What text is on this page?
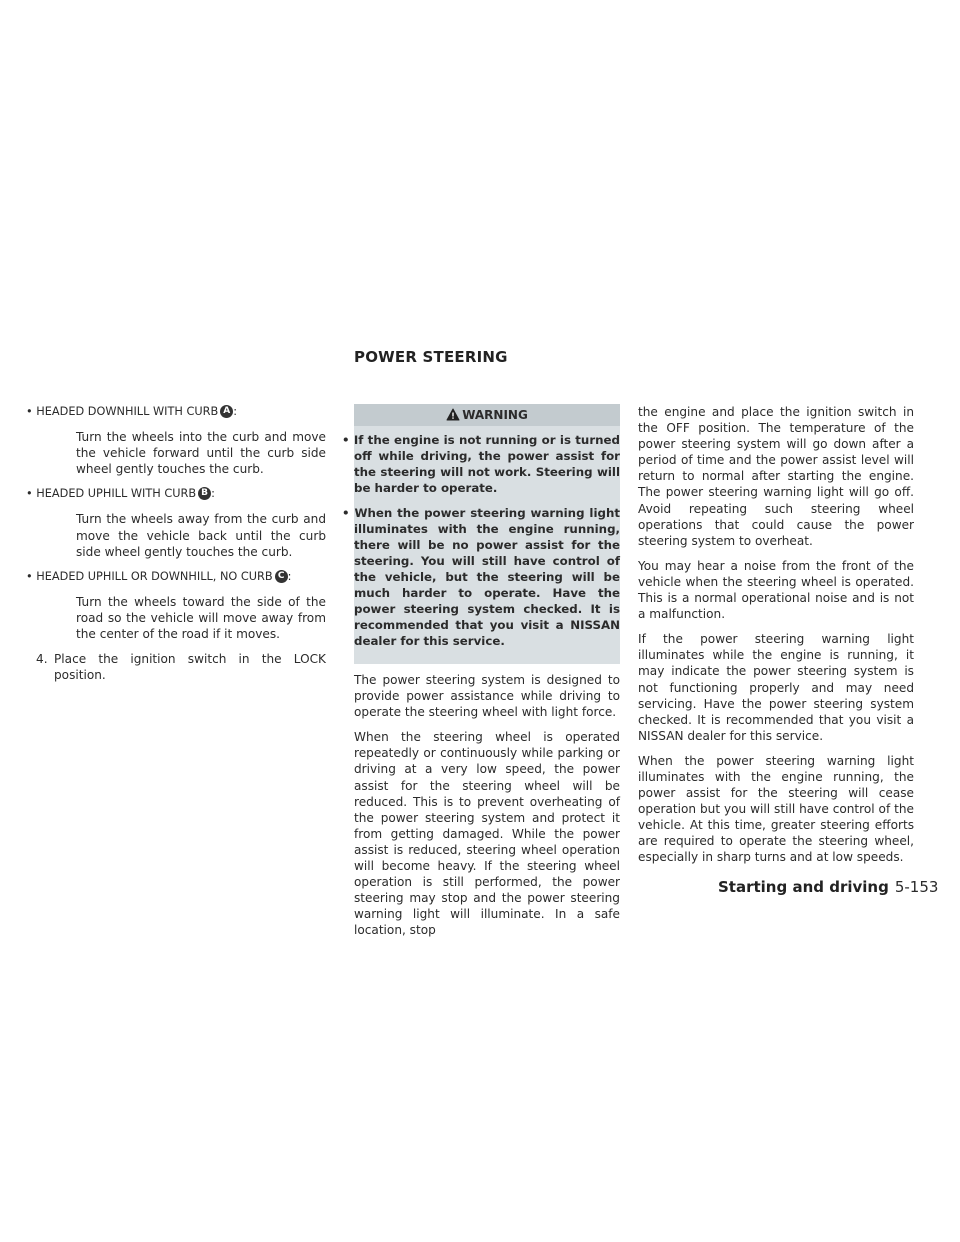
POWER STEERING

• HEADED DOWNHILL WITH CURB A :

Turn the wheels into the curb and move the vehicle forward until the curb side wheel gently touches the curb.

• HEADED UPHILL WITH CURB B :

Turn the wheels away from the curb and move the vehicle back until the curb side wheel gently touches the curb.

• HEADED UPHILL OR DOWNHILL, NO CURB C :

Turn the wheels toward the side of the road so the vehicle will move away from the center of the road if it moves.

4. Place the ignition switch in the LOCK position.

WARNING

• If the engine is not running or is turned off while driving, the power assist for the steering will not work. Steering will be harder to operate.

• When the power steering warning light illuminates with the engine running, there will be no power assist for the steering. You will still have control of the vehicle, but the steering will be much harder to operate. Have the power steering system checked. It is recommended that you visit a NISSAN dealer for this service.

The power steering system is designed to provide power assistance while driving to operate the steering wheel with light force.

When the steering wheel is operated repeatedly or continuously while parking or driving at a very low speed, the power assist for the steering wheel will be reduced. This is to prevent overheating of the power steering system and protect it from getting damaged. While the power assist is reduced, steering wheel operation will become heavy. If the steering wheel operation is still performed, the power steering may stop and the power steering warning light will illuminate. In a safe location, stop

the engine and place the ignition switch in the OFF position. The temperature of the power steering system will go down after a period of time and the power assist level will return to normal after starting the engine. The power steering warning light will go off. Avoid repeating such steering wheel operations that could cause the power steering system to overheat.

You may hear a noise from the front of the vehicle when the steering wheel is operated. This is a normal operational noise and is not a malfunction.

If the power steering warning light illuminates while the engine is running, it may indicate the power steering system is not functioning properly and may need servicing. Have the power steering system checked. It is recommended that you visit a NISSAN dealer for this service.

When the power steering warning light illuminates with the engine running, the power assist for the steering will cease operation but you will still have control of the vehicle. At this time, greater steering efforts are required to operate the steering wheel, especially in sharp turns and at low speeds.

Starting and driving 5-153
